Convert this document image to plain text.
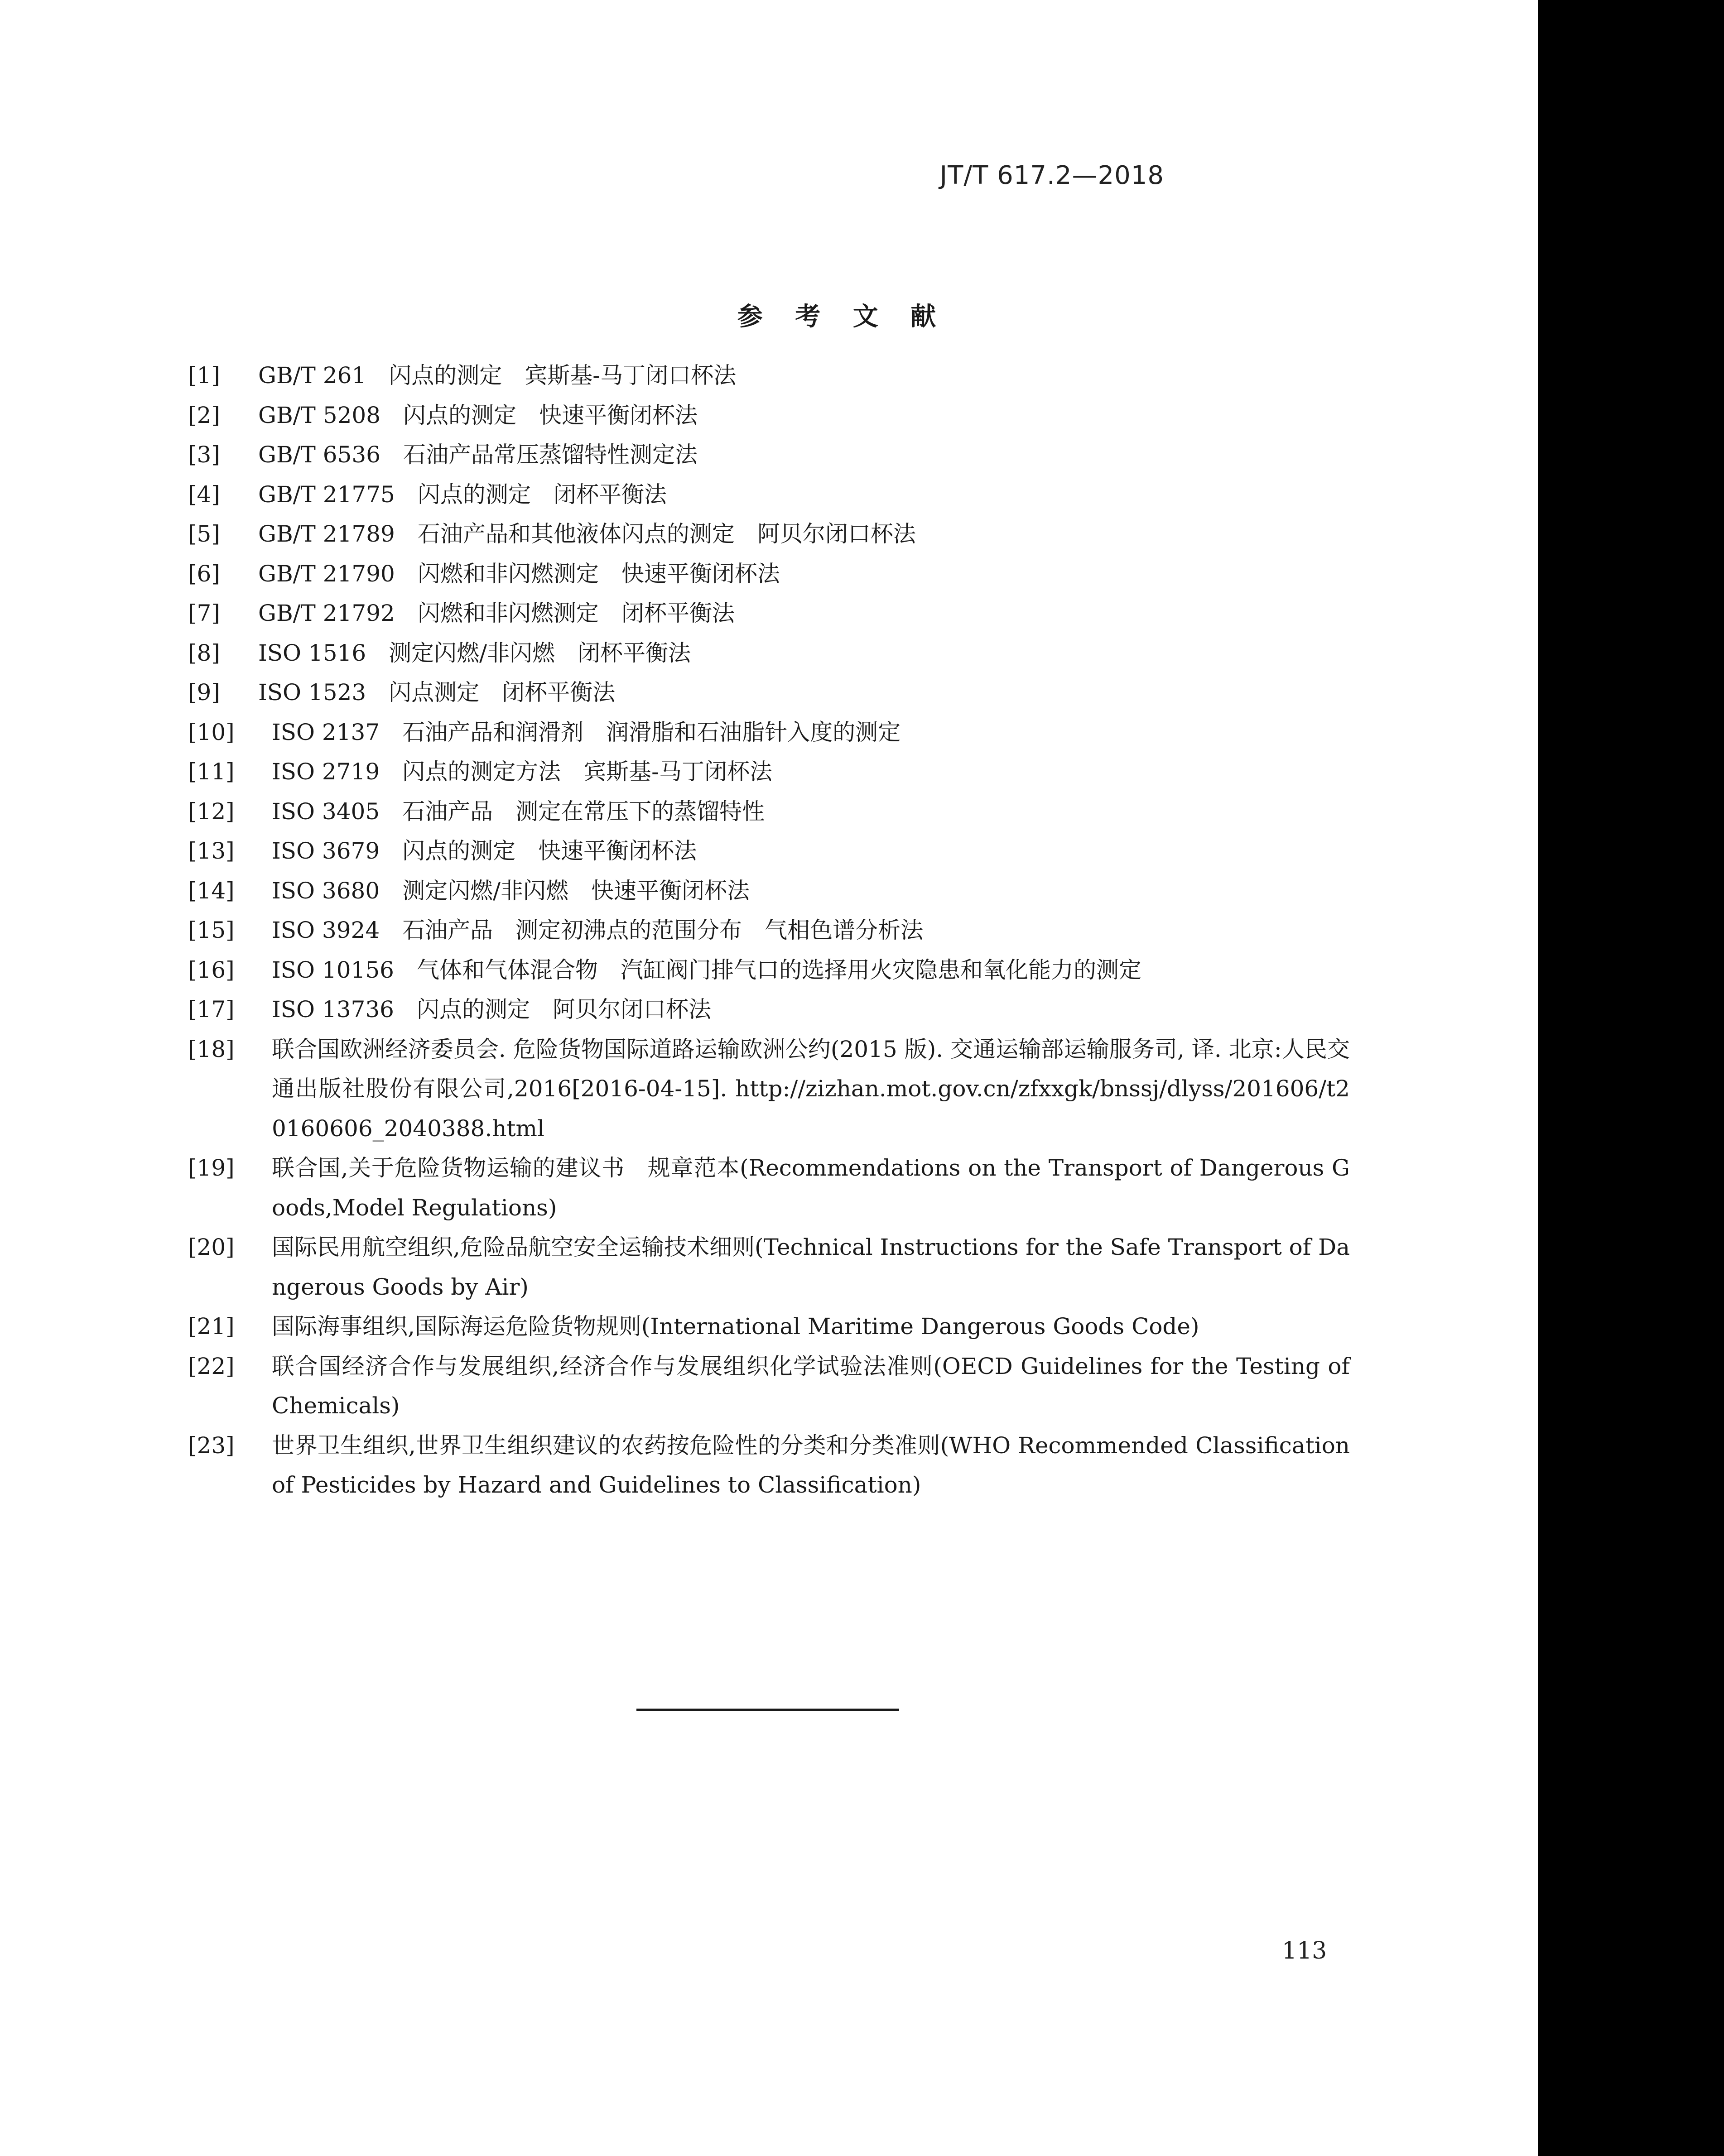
JT/T 617.2—2018
参 考 文 献
[1] GB/T 261　闪点的测定　宾斯基-马丁闭口杯法
[2] GB/T 5208　闪点的测定　快速平衡闭杯法
[3] GB/T 6536　石油产品常压蒸馏特性测定法
[4] GB/T 21775　闪点的测定　闭杯平衡法
[5] GB/T 21789　石油产品和其他液体闪点的测定　阿贝尔闭口杯法
[6] GB/T 21790　闪燃和非闪燃测定　快速平衡闭杯法
[7] GB/T 21792　闪燃和非闪燃测定　闭杯平衡法
[8] ISO 1516　测定闪燃/非闪燃　闭杯平衡法
[9] ISO 1523　闪点测定　闭杯平衡法
[10] ISO 2137　石油产品和润滑剂　润滑脂和石油脂针入度的测定
[11] ISO 2719　闪点的测定方法　宾斯基-马丁闭杯法
[12] ISO 3405　石油产品　测定在常压下的蒸馏特性
[13] ISO 3679　闪点的测定　快速平衡闭杯法
[14] ISO 3680　测定闪燃/非闪燃　快速平衡闭杯法
[15] ISO 3924　石油产品　测定初沸点的范围分布　气相色谱分析法
[16] ISO 10156　气体和气体混合物　汽缸阀门排气口的选择用火灾隐患和氧化能力的测定
[17] ISO 13736　闪点的测定　阿贝尔闭口杯法
[18] 联合国欧洲经济委员会. 危险货物国际道路运输欧洲公约(2015 版). 交通运输部运输服务司, 译. 北京:人民交通出版社股份有限公司,2016[2016-04-15]. http://zizhan.mot.gov.cn/zfxxgk/bnssj/dlyss/201606/t20160606_2040388.html
[19] 联合国,关于危险货物运输的建议书　规章范本(Recommendations on the Transport of Dangerous Goods,Model Regulations)
[20] 国际民用航空组织,危险品航空安全运输技术细则(Technical Instructions for the Safe Transport of Dangerous Goods by Air)
[21] 国际海事组织,国际海运危险货物规则(International Maritime Dangerous Goods Code)
[22] 联合国经济合作与发展组织,经济合作与发展组织化学试验法准则(OECD Guidelines for the Testing of Chemicals)
[23] 世界卫生组织,世界卫生组织建议的农药按危险性的分类和分类准则(WHO Recommended Classification of Pesticides by Hazard and Guidelines to Classification)
113
